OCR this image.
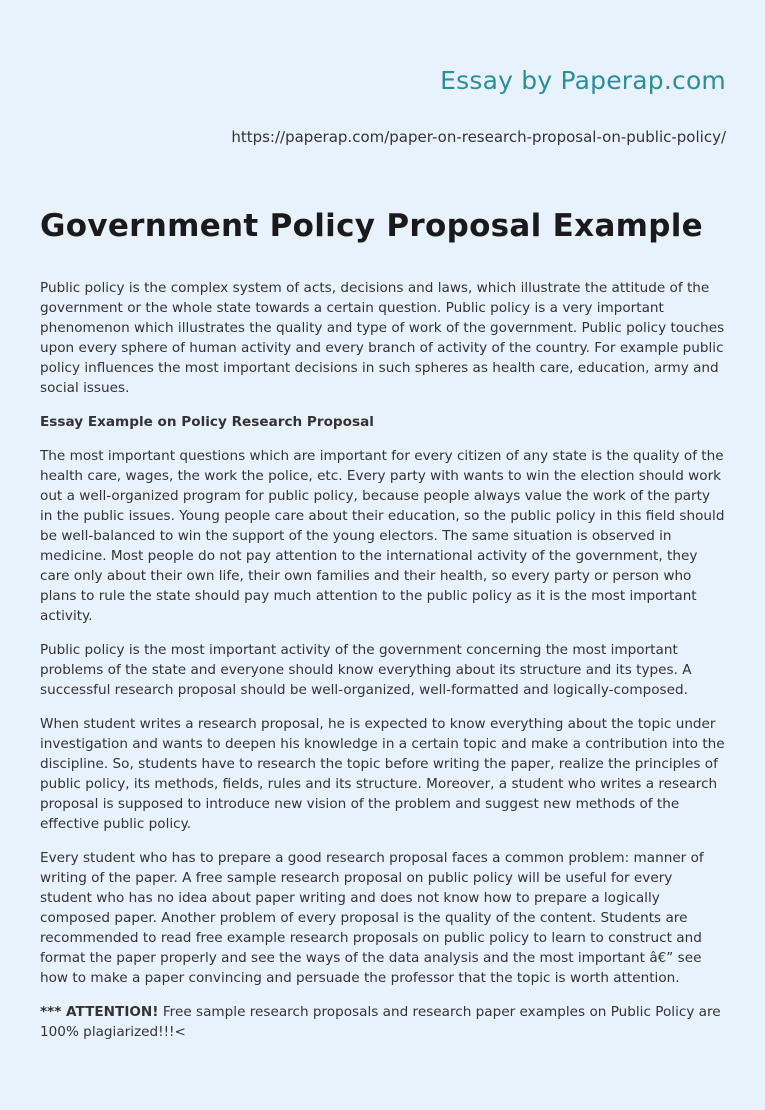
Essay by Paperap.com
https://paperap.com/paper-on-research-proposal-on-public-policy/
Government Policy Proposal Example

Public policy is the complex system of acts, decisions and laws, which illustrate the attitude of the government or the whole state towards a certain question. Public policy is a very important phenomenon which illustrates the quality and type of work of the government. Public policy touches upon every sphere of human activity and every branch of activity of the country. For example public policy influences the most important decisions in such spheres as health care, education, army and social issues.

Essay Example on Policy Research Proposal

The most important questions which are important for every citizen of any state is the quality of the health care, wages, the work the police, etc. Every party with wants to win the election should work out a well-organized program for public policy, because people always value the work of the party in the public issues. Young people care about their education, so the public policy in this field should be well-balanced to win the support of the young electors. The same situation is observed in medicine. Most people do not pay attention to the international activity of the government, they care only about their own life, their own families and their health, so every party or person who plans to rule the state should pay much attention to the public policy as it is the most important activity.

Public policy is the most important activity of the government concerning the most important problems of the state and everyone should know everything about its structure and its types. A successful research proposal should be well-organized, well-formatted and logically-composed.

When student writes a research proposal, he is expected to know everything about the topic under investigation and wants to deepen his knowledge in a certain topic and make a contribution into the discipline. So, students have to research the topic before writing the paper, realize the principles of public policy, its methods, fields, rules and its structure. Moreover, a student who writes a research proposal is supposed to introduce new vision of the problem and suggest new methods of the effective public policy.

Every student who has to prepare a good research proposal faces a common problem: manner of writing of the paper. A free sample research proposal on public policy will be useful for every student who has no idea about paper writing and does not know how to prepare a logically composed paper. Another problem of every proposal is the quality of the content. Students are recommended to read free example research proposals on public policy to learn to construct and format the paper properly and see the ways of the data analysis and the most important â€” see how to make a paper convincing and persuade the professor that the topic is worth attention.

*** ATTENTION! Free sample research proposals and research paper examples on Public Policy are 100% plagiarized!!!<
